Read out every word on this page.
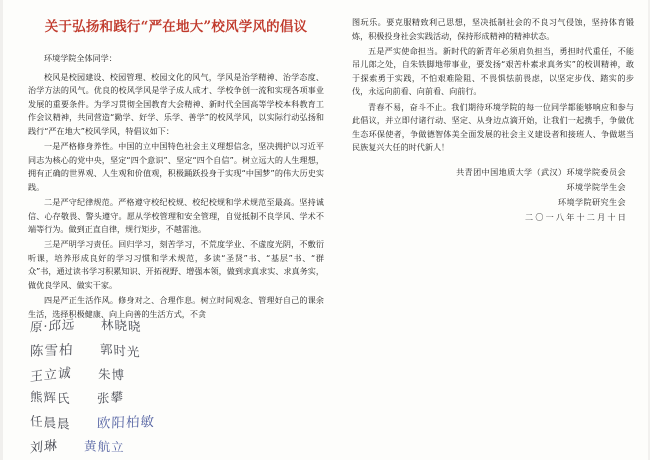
关于弘扬和践行“严在地大”校风学风的倡议

环境学院全体同学：

校风是校园建设、校园管理、校园文化的风气，学风是治学精神、治学态度、治学方法的风气。优良的校风学风是学子成人成才、学校争创一流和实现各项事业发展的重要条件。为学习贯彻全国教育大会精神、新时代全国高等学校本科教育工作会议精神，共同营造“勤学、好学、乐学、善学”的校风学风，以实际行动弘扬和践行“严在地大”校风学风，特倡议如下：

一是严格修身养性。中国的立中国特色社会主义理想信念，坚决拥护以习近平同志为核心的党中央，坚定“四个意识”、坚定“四个自信”。树立远大的人生理想，拥有正确的世界观、人生观和价值观，积极踊跃投身于实现“中国梦”的伟大历史实践。

二是严守纪律规范。严格遵守校纪校规、校纪校规和学术规范至最高。坚持诚信、心存敬畏、警头遵守。愿从学校管理和安全管理，自觉抵制不良学风、学术不端等行为。做到正直自律，规行矩步，不越雷池。

三是严明学习责任。回归学习，刻苦学习，不荒度学业、不虚度光阴，不敷衍听课，培养形成良好的学习习惯和学术规范，多读“圣贤”书、“基层”书、“群众”书，通过读书学习积累知识、开拓视野、增强本领，做到求真求实、求真务实，做优良学风、做实干家。

四是严正生活作风。修身对之、合理作息。树立时间观念、管理好自己的课余生活，选择积极健康、向上向善的生活方式，不贪

图玩乐。要克服精致利己思想，坚决抵制社会的不良习气侵蚀，坚持体育锻炼，积极投身社会实践活动，保持形成精神的精神状态。

五是严实使命担当。新时代的新青年必须肩负担当，勇担时代重任，不能吊儿郎之处，自朱铁脚地带事业，要发扬“艰苦朴素求真务实”的校训精神，敢于探索勇于实践，不怕艰难险阻、不畏惧怯前畏虑，以坚定步伐、踏实的步伐，永远向前看、向前看、向前行。

青春不易，奋斗不止。我们期待环境学院的每一位同学都能够响应和参与此倡议，并立即付诸行动、坚定、从身边点滴开始，让我们一起携手，争做优生态环保使者，争做德智体美全面发展的社会主义建设者和接班人、争做堪当民族复兴大任的时代新人！

共青团中国地质大学（武汉）环境学院委员会
环境学院学生会
环境学院研究生会
二〇一八年十二月十日
原·邱远 林晓晓
陈雪柏 郭时光
王立诚 朱博
熊辉氏 张攀
任晨晨 欧阳柏敏
刘琳 黄航立
